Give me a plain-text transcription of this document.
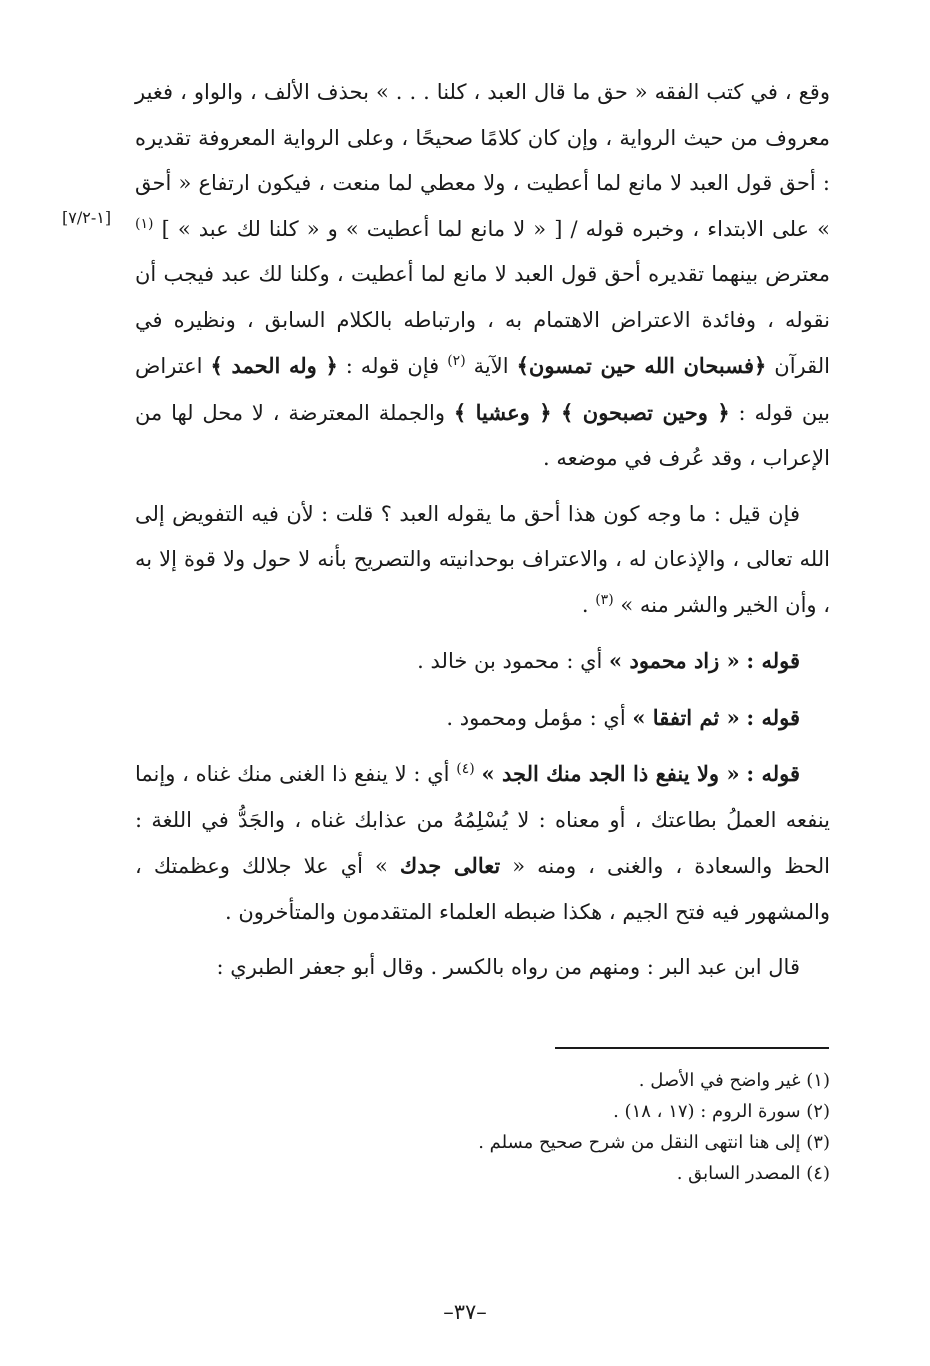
[١-٧/٢]

وقع ، في كتب الفقه « حق ما قال العبد ، كلنا . . . » بحذف الألف ، والواو ، فغير معروف من حيث الرواية ، وإن كان كلامًا صحيحًا ، وعلى الرواية المعروفة تقديره : أحق قول العبد لا مانع لما أعطيت ، ولا معطي لما منعت ، فيكون ارتفاع « أحق » على الابتداء ، وخبره قوله / [ « لا مانع لما أعطيت » و « كلنا لك عبد » ] $^{(١)}$ معترض بينهما تقديره أحق قول العبد لا مانع لما أعطيت ، وكلنا لك عبد فيجب أن نقوله ، وفائدة الاعتراض الاهتمام به ، وارتباطه بالكلام السابق ، ونظيره في القرآن ﴿فسبحان الله حين تمسون﴾ الآية $^{(٢)}$ فإن قوله : ﴿ وله الحمد ﴾ اعتراض بين قوله : ﴿ وحين تصبحون ﴾ ﴿ وعشيا ﴾ والجملة المعترضة ، لا محل لها من الإعراب ، وقد عُرف في موضعه .

فإن قيل : ما وجه كون هذا أحق ما يقوله العبد ؟ قلت : لأن فيه التفويض إلى الله تعالى ، والإذعان له ، والاعتراف بوحدانيته والتصريح بأنه لا حول ولا قوة إلا به ، وأن الخير والشر منه » $^{(٣)}$ .

قوله : « زاد محمود » أي : محمود بن خالد .

قوله : « ثم اتفقا » أي : مؤمل ومحمود .

قوله : « ولا ينفع ذا الجد منك الجد » $^{(٤)}$ أي : لا ينفع ذا الغنى منك غناه ، وإنما ينفعه العملُ بطاعتك ، أو معناه : لا يُسْلِمُهُ من عذابك غناه ، والجَدُّ في اللغة : الحظ والسعادة ، والغنى ، ومنه « تعالى جدك » أي علا جلالك وعظمتك ، والمشهور فيه فتح الجيم ، هكذا ضبطه العلماء المتقدمون والمتأخرون .

قال ابن عبد البر : ومنهم من رواه بالكسر . وقال أبو جعفر الطبري :

(١) غير واضح في الأصل .
(٢) سورة الروم : (١٧ ، ١٨) .
(٣) إلى هنا انتهى النقل من شرح صحيح مسلم .
(٤) المصدر السابق .
–٣٧–
